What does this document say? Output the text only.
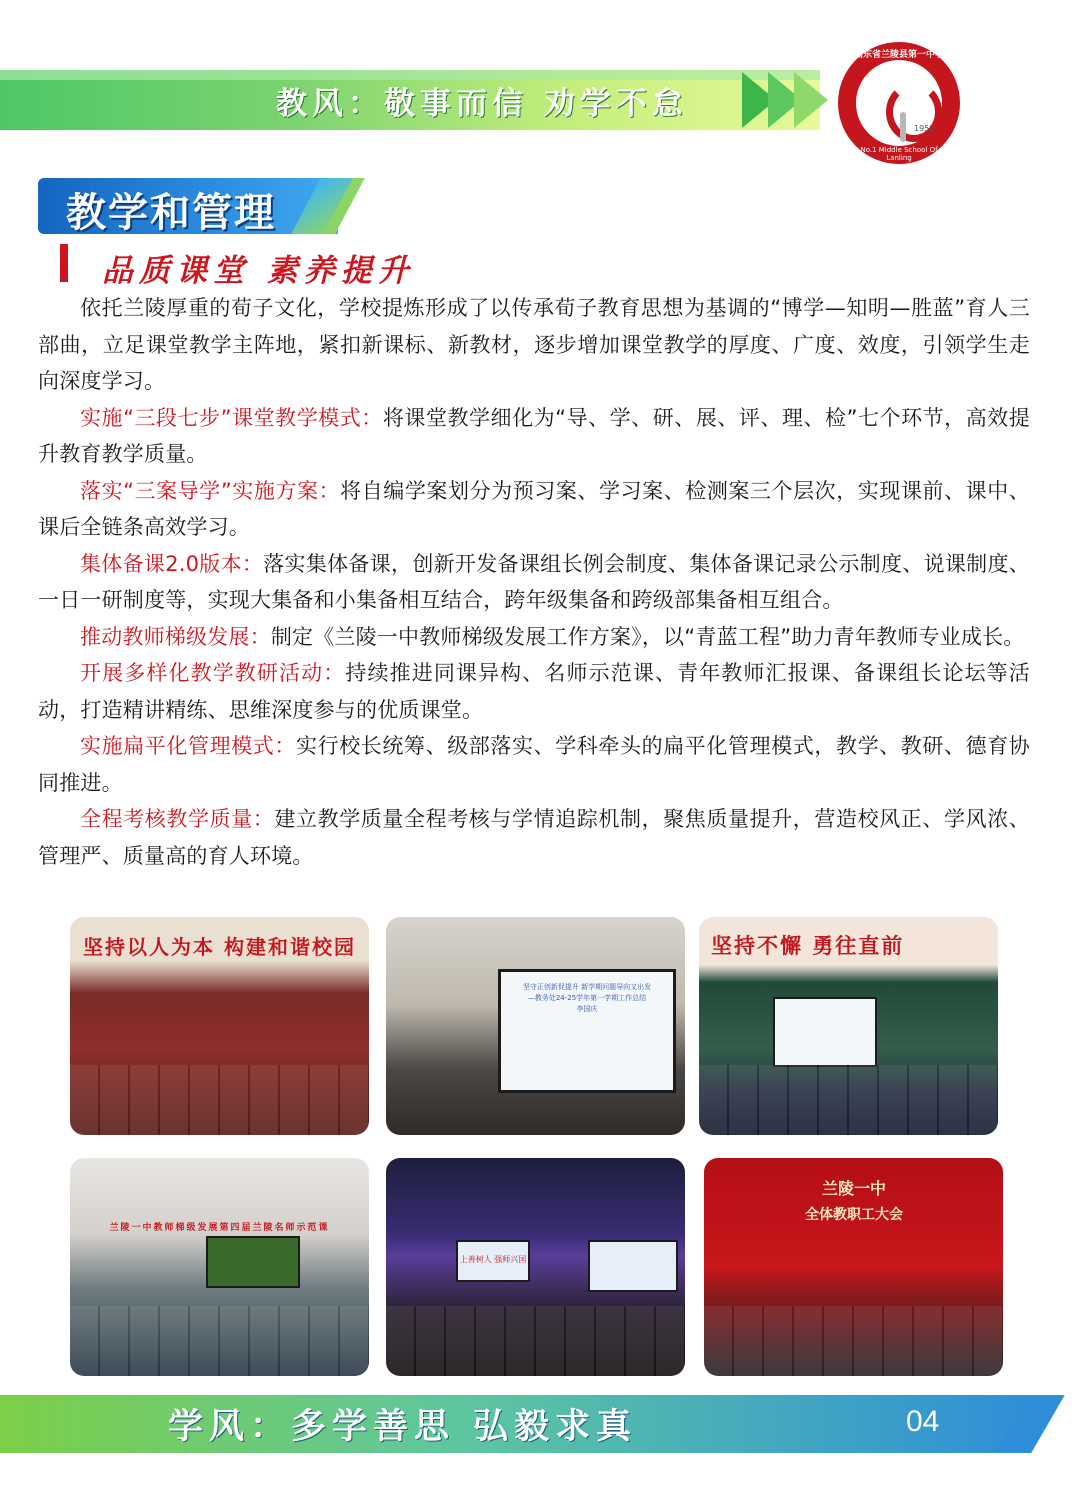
教风：敬事而信 劝学不怠
山东省兰陵县第一中学
1952
No.1 Middle School Of Lanling
教学和管理
品质课堂 素养提升

依托兰陵厚重的荀子文化，学校提炼形成了以传承荀子教育思想为基调的“博学—知明—胜蓝”育人三部曲，立足课堂教学主阵地，紧扣新课标、新教材，逐步增加课堂教学的厚度、广度、效度，引领学生走向深度学习。

实施“三段七步”课堂教学模式：将课堂教学细化为“导、学、研、展、评、理、检”七个环节，高效提升教育教学质量。

落实“三案导学”实施方案：将自编学案划分为预习案、学习案、检测案三个层次，实现课前、课中、课后全链条高效学习。

集体备课2.0版本：落实集体备课，创新开发备课组长例会制度、集体备课记录公示制度、说课制度、一日一研制度等，实现大集备和小集备相互结合，跨年级集备和跨级部集备相互组合。

推动教师梯级发展：制定《兰陵一中教师梯级发展工作方案》，以“青蓝工程”助力青年教师专业成长。

开展多样化教学教研活动：持续推进同课异构、名师示范课、青年教师汇报课、备课组长论坛等活动，打造精讲精练、思维深度参与的优质课堂。

实施扁平化管理模式：实行校长统筹、级部落实、学科牵头的扁平化管理模式，教学、教研、德育协同推进。

全程考核教学质量：建立教学质量全程考核与学情追踪机制，聚焦质量提升，营造校风正、学风浓、管理严、质量高的育人环境。

坚持以人为本 构建和谐校园
坚守正创新促提升 新学期问题导向又出发
—教务处24-25学年第一学期工作总结
李国庆
坚持不懈 勇往直前
兰陵一中教师梯级发展第四届兰陵名师示范课
上善树人 强师兴国
兰陵一中
全体教职工大会
学风：多学善思 弘毅求真	04
